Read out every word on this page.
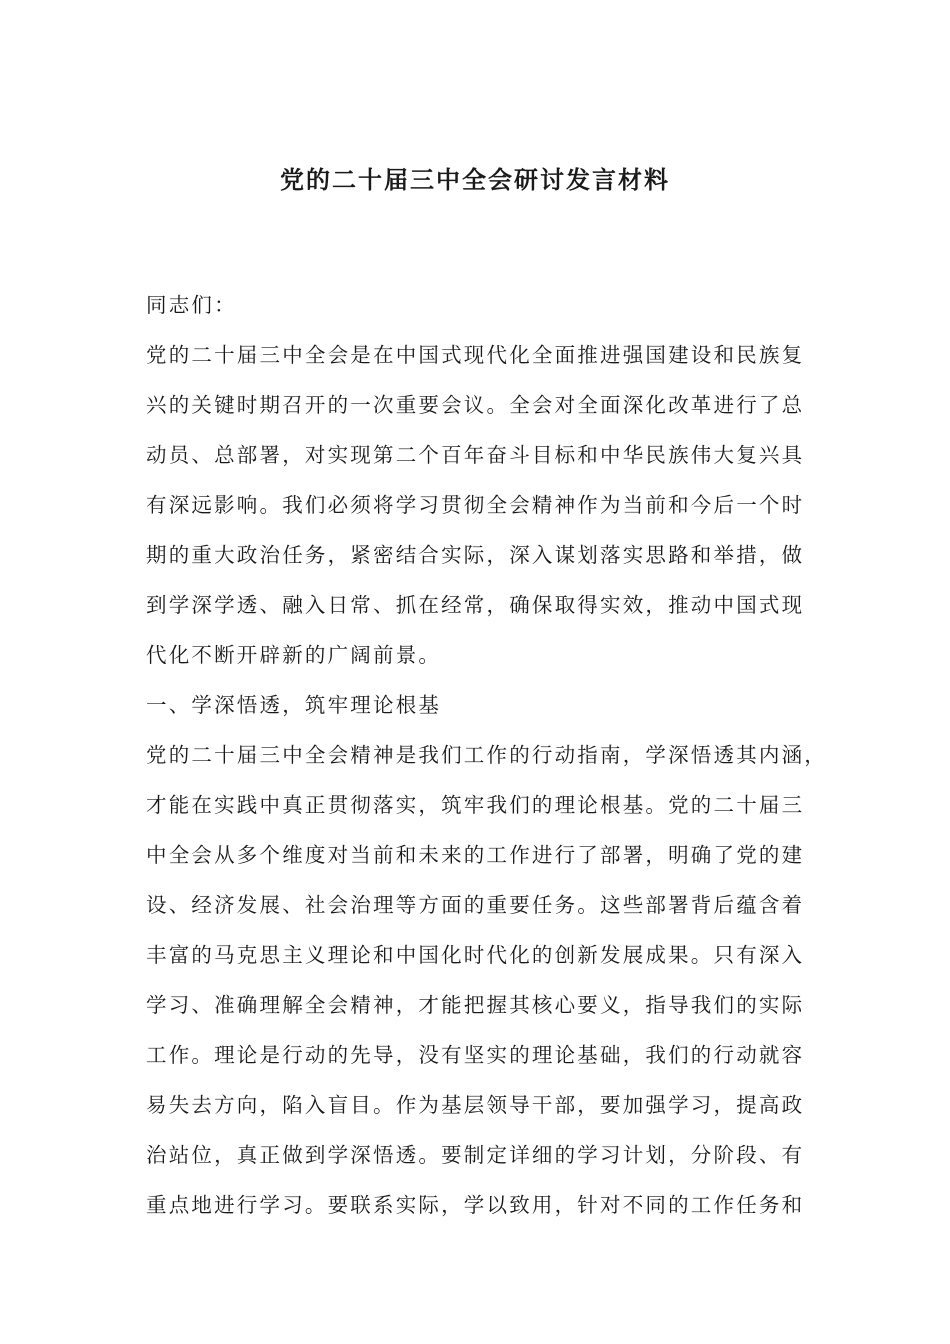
党的二十届三中全会研讨发言材料
同志们：
党的二十届三中全会是在中国式现代化全面推进强国建设和民族复
兴的关键时期召开的一次重要会议。全会对全面深化改革进行了总
动员、总部署，对实现第二个百年奋斗目标和中华民族伟大复兴具
有深远影响。我们必须将学习贯彻全会精神作为当前和今后一个时
期的重大政治任务，紧密结合实际，深入谋划落实思路和举措，做
到学深学透、融入日常、抓在经常，确保取得实效，推动中国式现
代化不断开辟新的广阔前景。
一、学深悟透，筑牢理论根基
党的二十届三中全会精神是我们工作的行动指南，学深悟透其内涵，
才能在实践中真正贯彻落实，筑牢我们的理论根基。党的二十届三
中全会从多个维度对当前和未来的工作进行了部署，明确了党的建
设、经济发展、社会治理等方面的重要任务。这些部署背后蕴含着
丰富的马克思主义理论和中国化时代化的创新发展成果。只有深入
学习、准确理解全会精神，才能把握其核心要义，指导我们的实际
工作。理论是行动的先导，没有坚实的理论基础，我们的行动就容
易失去方向，陷入盲目。作为基层领导干部，要加强学习，提高政
治站位，真正做到学深悟透。要制定详细的学习计划，分阶段、有
重点地进行学习。要联系实际，学以致用，针对不同的工作任务和
